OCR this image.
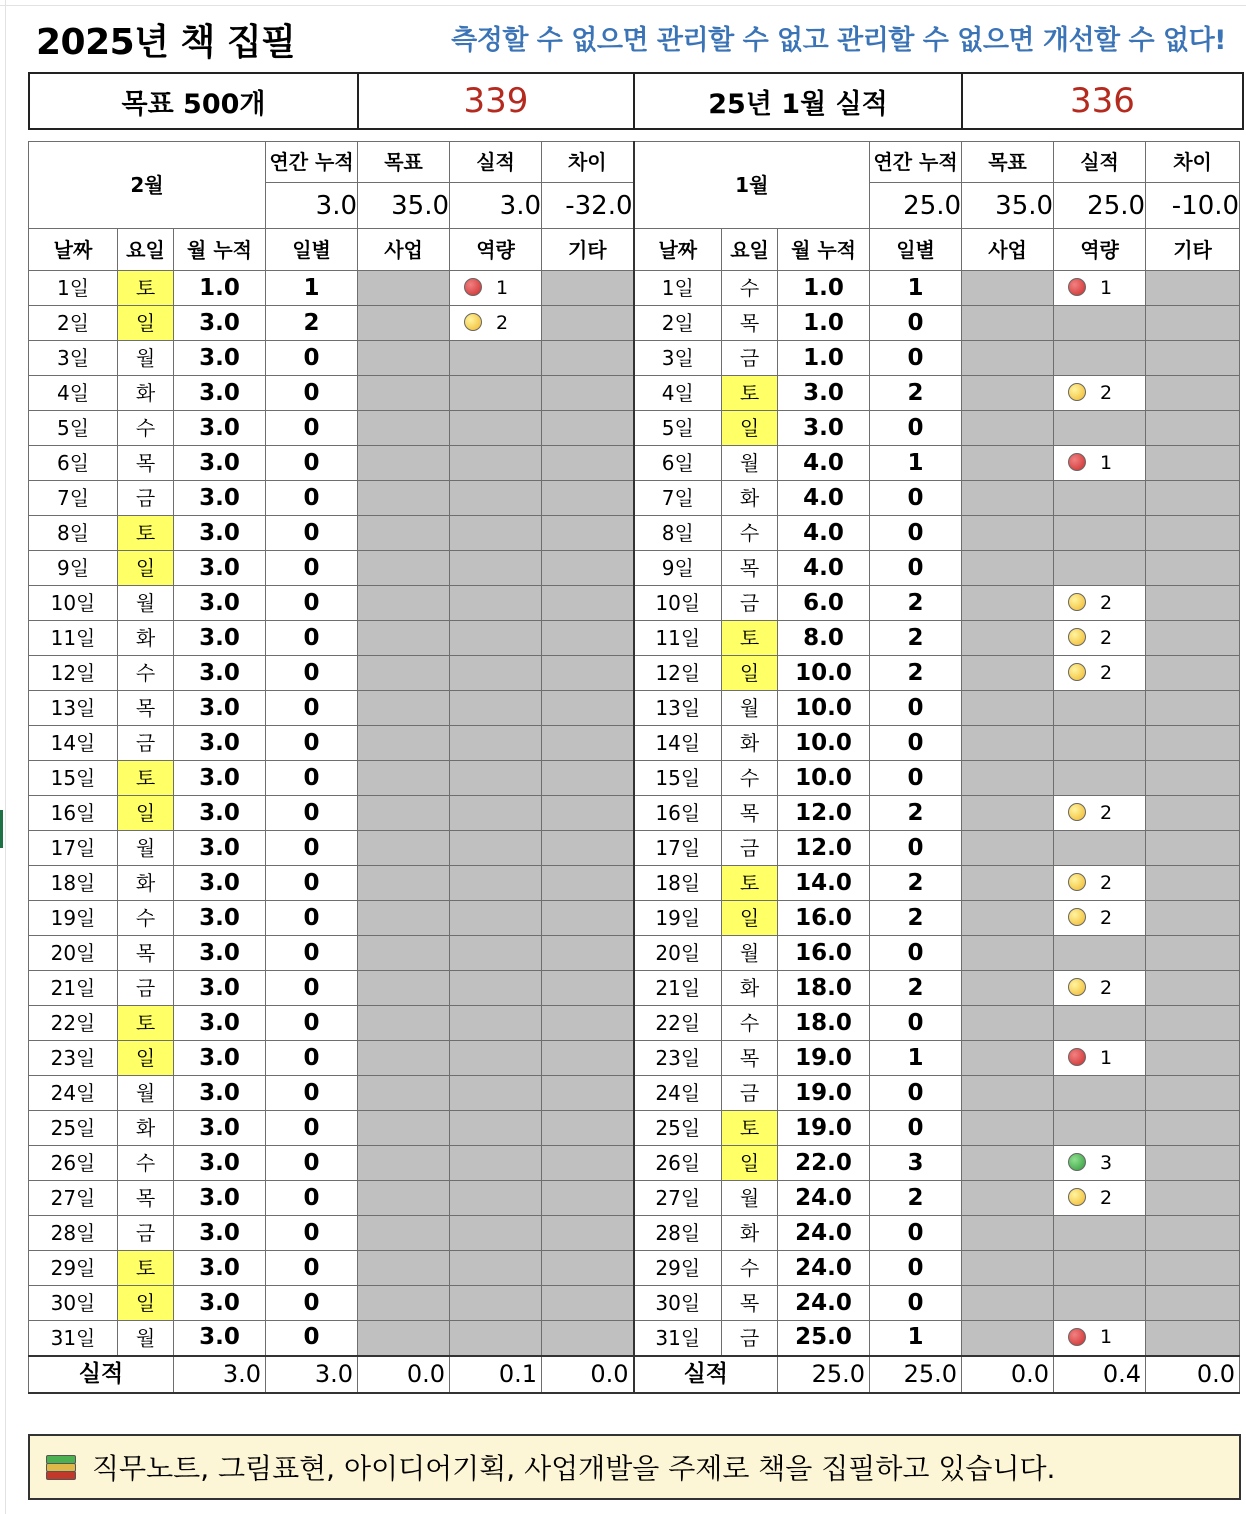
2025년 책 집필	측정할 수 없으면 관리할 수 없고 관리할 수 없으면 개선할 수 없다!
목표 500개	339	25년 1월 실적	336
2월			연간 누적	목표	실적	차이	1월			연간 누적	목표	실적	차이
			3.0	35.0	3.0	-32.0				25.0	35.0	25.0	-10.0
날짜	요일	월 누적	일별	사업	역량	기타	날짜	요일	월 누적	일별	사업	역량	기타
1일	토	1.0	1		1		1일	수	1.0	1		1	
2일	일	3.0	2		2		2일	목	1.0	0			
3일	월	3.0	0				3일	금	1.0	0			
4일	화	3.0	0				4일	토	3.0	2		2	
5일	수	3.0	0				5일	일	3.0	0			
6일	목	3.0	0				6일	월	4.0	1		1	
7일	금	3.0	0				7일	화	4.0	0			
8일	토	3.0	0				8일	수	4.0	0			
9일	일	3.0	0				9일	목	4.0	0			
10일	월	3.0	0				10일	금	6.0	2		2	
11일	화	3.0	0				11일	토	8.0	2		2	
12일	수	3.0	0				12일	일	10.0	2		2	
13일	목	3.0	0				13일	월	10.0	0			
14일	금	3.0	0				14일	화	10.0	0			
15일	토	3.0	0				15일	수	10.0	0			
16일	일	3.0	0				16일	목	12.0	2		2	
17일	월	3.0	0				17일	금	12.0	0			
18일	화	3.0	0				18일	토	14.0	2		2	
19일	수	3.0	0				19일	일	16.0	2		2	
20일	목	3.0	0				20일	월	16.0	0			
21일	금	3.0	0				21일	화	18.0	2		2	
22일	토	3.0	0				22일	수	18.0	0			
23일	일	3.0	0				23일	목	19.0	1		1	
24일	월	3.0	0				24일	금	19.0	0			
25일	화	3.0	0				25일	토	19.0	0			
26일	수	3.0	0				26일	일	22.0	3		3	
27일	목	3.0	0				27일	월	24.0	2		2	
28일	금	3.0	0				28일	화	24.0	0			
29일	토	3.0	0				29일	수	24.0	0			
30일	일	3.0	0				30일	목	24.0	0			
31일	월	3.0	0				31일	금	25.0	1		1	
실적		3.0	3.0	0.0	0.1	0.0	실적		25.0	25.0	0.0	0.4	0.0
직무노트, 그림표현, 아이디어기획, 사업개발을 주제로 책을 집필하고 있습니다.
